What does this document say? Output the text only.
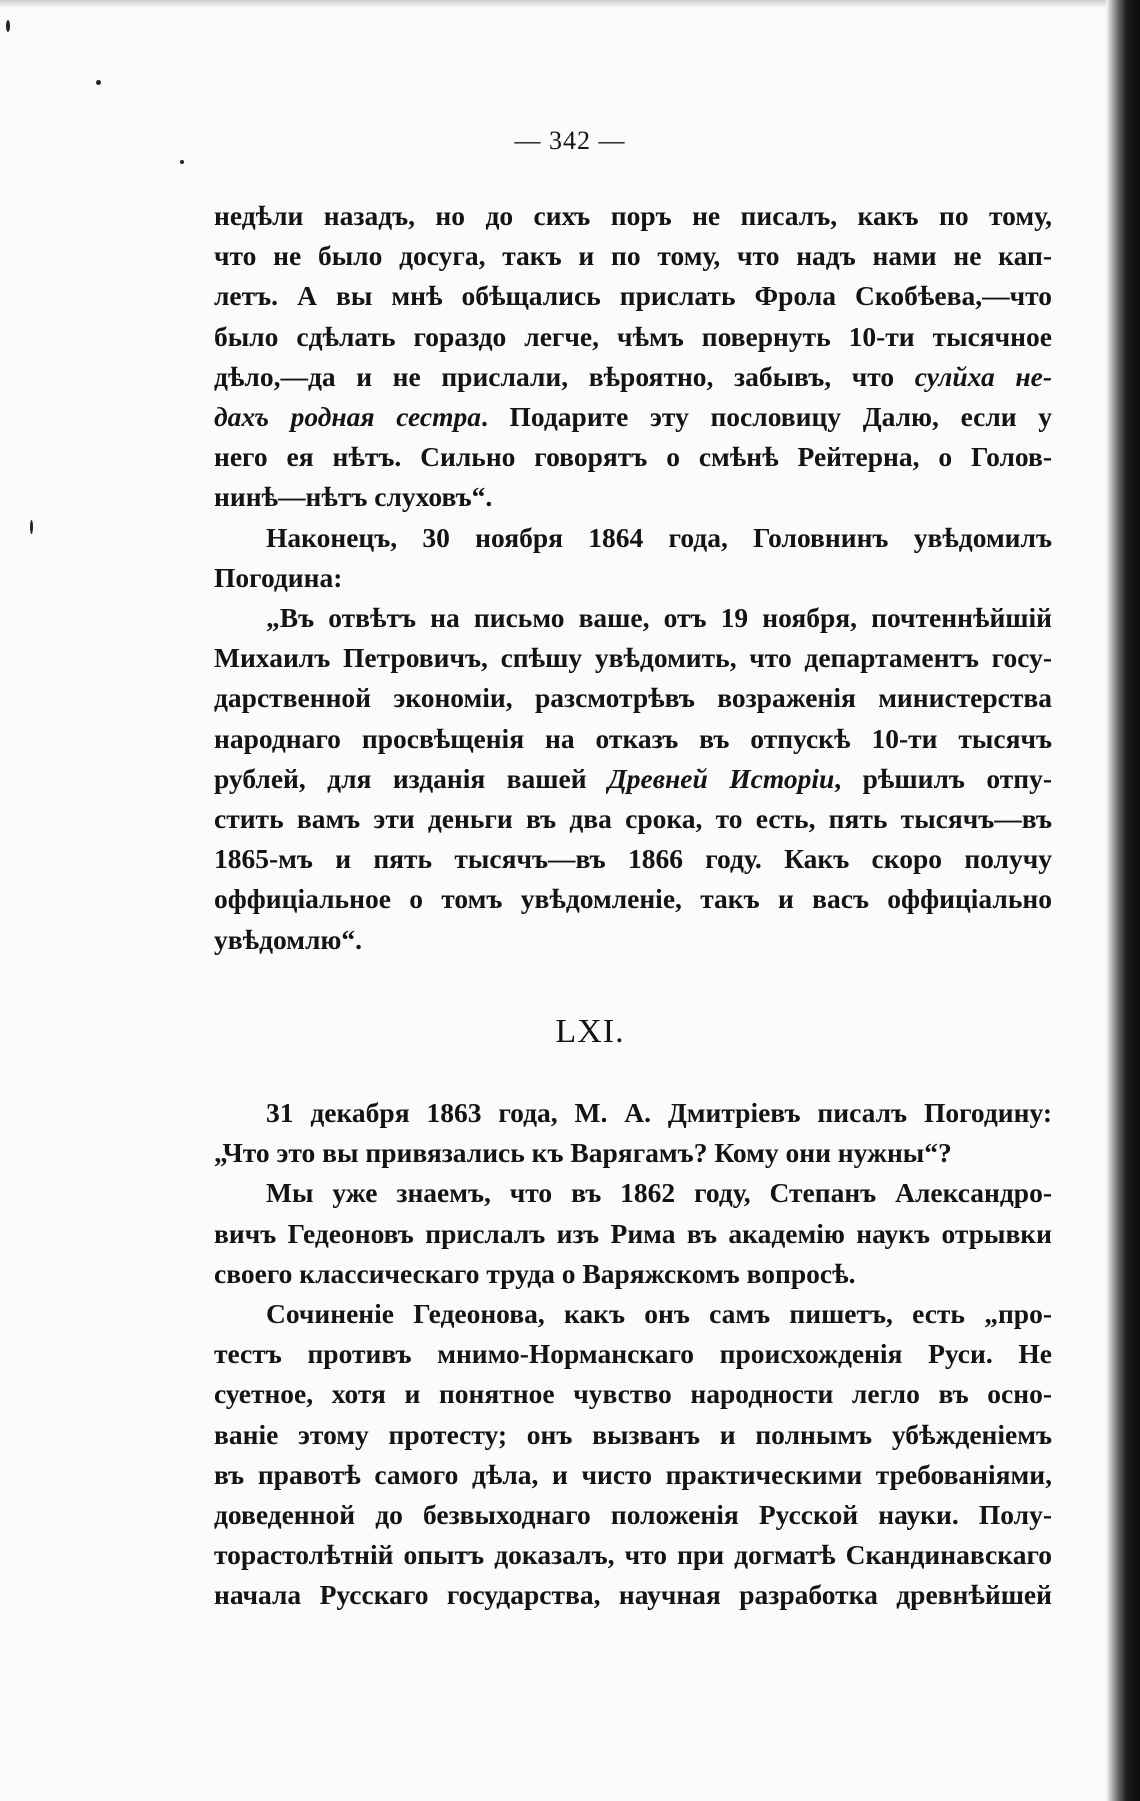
— 342 —
недѣли назадъ, но до сихъ поръ не писалъ, какъ по тому,
что не было досуга, такъ и по тому, что надъ нами не кап-
летъ. А вы мнѣ обѣщались прислать Фрола Скобѣева,—что
было сдѣлать гораздо легче, чѣмъ повернуть 10-ти тысячное
дѣло,—да и не прислали, вѣроятно, забывъ, что сулйха не-
дахъ родная сестра. Подарите эту пословицу Далю, если у
него ея нѣтъ. Сильно говорятъ о смѣнѣ Рейтерна, о Голов-
нинѣ—нѣтъ слуховъ“.
Наконецъ, 30 ноября 1864 года, Головнинъ увѣдомилъ
Погодина:
„Въ отвѣтъ на письмо ваше, отъ 19 ноября, почтеннѣйшій
Михаилъ Петровичъ, спѣшу увѣдомить, что департаментъ госу-
дарственной экономіи, разсмотрѣвъ возраженія министерства
народнаго просвѣщенія на отказъ въ отпускѣ 10-ти тысячъ
рублей, для изданія вашей Древней Исторіи, рѣшилъ отпу-
стить вамъ эти деньги въ два срока, то есть, пять тысячъ—въ
1865-мъ и пять тысячъ—въ 1866 году. Какъ скоро получу
оффиціальное о томъ увѣдомленіе, такъ и васъ оффиціально
увѣдомлю“.
LXI.
31 декабря 1863 года, М. А. Дмитріевъ писалъ Погодину:
„Что это вы привязались къ Варягамъ? Кому они нужны“?
Мы уже знаемъ, что въ 1862 году, Степанъ Александро-
вичъ Гедеоновъ прислалъ изъ Рима въ академію наукъ отрывки
своего классическаго труда о Варяжскомъ вопросѣ.
Сочиненіе Гедеонова, какъ онъ самъ пишетъ, есть „про-
тестъ противъ мнимо-Норманскаго происхожденія Руси. Не
суетное, хотя и понятное чувство народности легло въ осно-
ваніе этому протесту; онъ вызванъ и полнымъ убѣжденіемъ
въ правотѣ самого дѣла, и чисто практическими требованіями,
доведенной до безвыходнаго положенія Русской науки. Полу-
торастолѣтній опытъ доказалъ, что при догматѣ Скандинавскаго
начала Русскаго государства, научная разработка древнѣйшей
